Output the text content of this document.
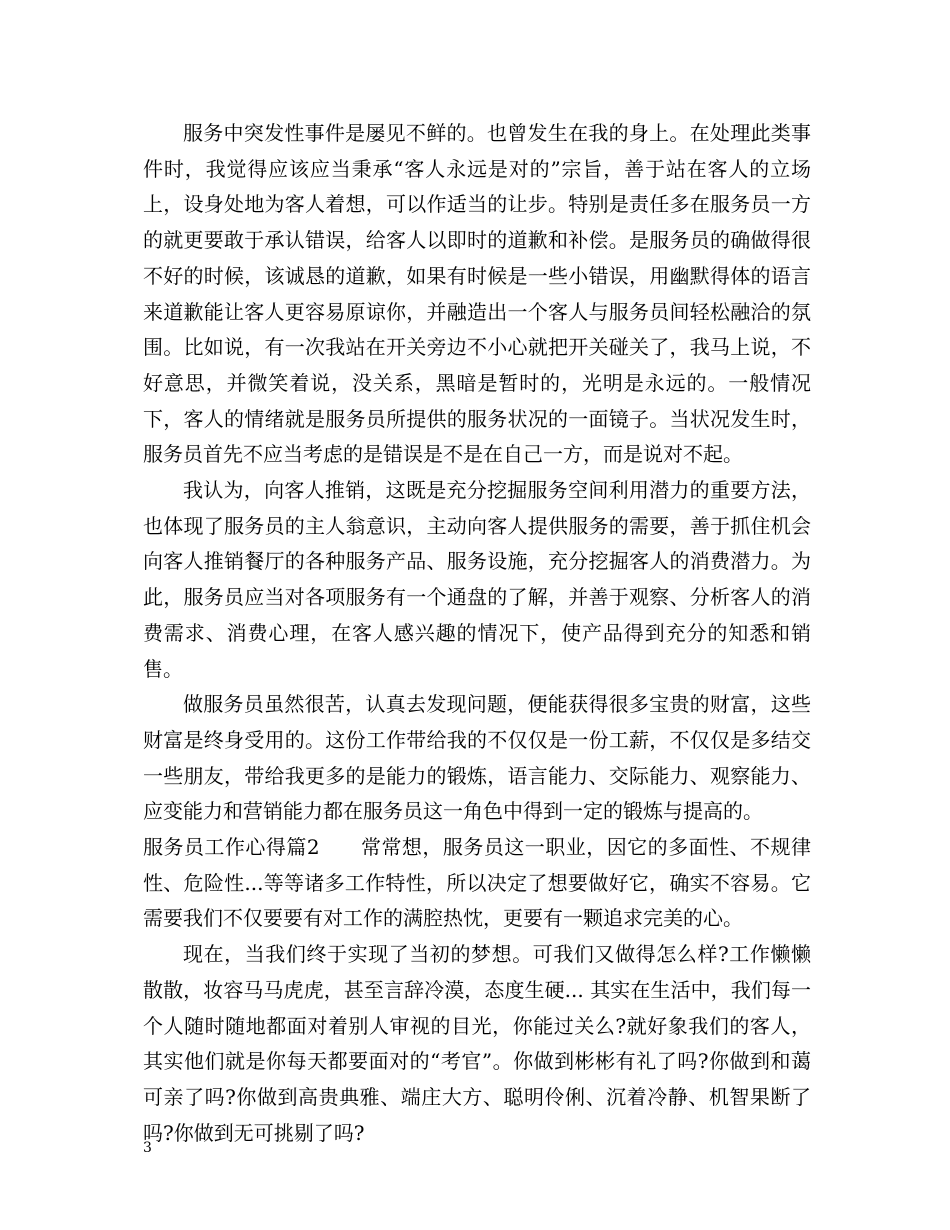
服务中突发性事件是屡见不鲜的。也曾发生在我的身上。在处理此类事件时，我觉得应该应当秉承“客人永远是对的”宗旨，善于站在客人的立场上，设身处地为客人着想，可以作适当的让步。特别是责任多在服务员一方的就更要敢于承认错误，给客人以即时的道歉和补偿。是服务员的确做得很不好的时候，该诚恳的道歉，如果有时候是一些小错误，用幽默得体的语言来道歉能让客人更容易原谅你，并融造出一个客人与服务员间轻松融洽的氛围。比如说，有一次我站在开关旁边不小心就把开关碰关了，我马上说，不好意思，并微笑着说，没关系，黑暗是暂时的，光明是永远的。一般情况下，客人的情绪就是服务员所提供的服务状况的一面镜子。当状况发生时，服务员首先不应当考虑的是错误是不是在自己一方，而是说对不起。

我认为，向客人推销，这既是充分挖掘服务空间利用潜力的重要方法，也体现了服务员的主人翁意识，主动向客人提供服务的需要，善于抓住机会向客人推销餐厅的各种服务产品、服务设施，充分挖掘客人的消费潜力。为此，服务员应当对各项服务有一个通盘的了解，并善于观察、分析客人的消费需求、消费心理，在客人感兴趣的情况下，使产品得到充分的知悉和销售。

做服务员虽然很苦，认真去发现问题，便能获得很多宝贵的财富，这些财富是终身受用的。这份工作带给我的不仅仅是一份工薪，不仅仅是多结交一些朋友，带给我更多的是能力的锻炼，语言能力、交际能力、观察能力、应变能力和营销能力都在服务员这一角色中得到一定的锻炼与提高的。

服务员工作心得篇2　　常常想，服务员这一职业，因它的多面性、不规律性、危险性...等等诸多工作特性，所以决定了想要做好它，确实不容易。它需要我们不仅要要有对工作的满腔热忱，更要有一颗追求完美的心。

现在，当我们终于实现了当初的梦想。可我们又做得怎么样?工作懒懒散散，妆容马马虎虎，甚至言辞冷漠，态度生硬... 其实在生活中，我们每一个人随时随地都面对着别人审视的目光，你能过关么?就好象我们的客人，其实他们就是你每天都要面对的“考官”。你做到彬彬有礼了吗?你做到和蔼可亲了吗?你做到高贵典雅、端庄大方、聪明伶俐、沉着冷静、机智果断了吗?你做到无可挑剔了吗?

3
